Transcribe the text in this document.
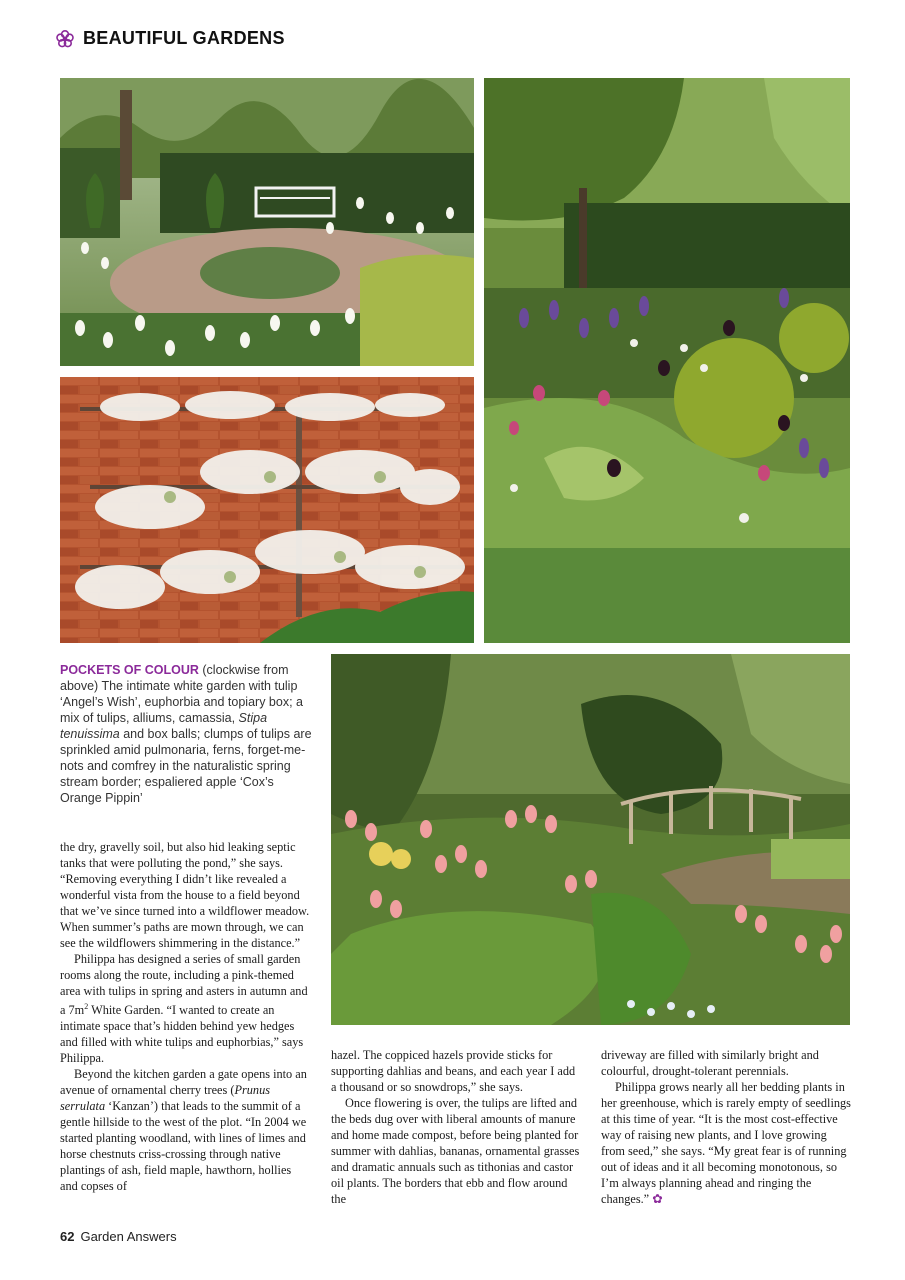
BEAUTIFUL GARDENS
POCKETS OF COLOUR (clockwise from above) The intimate white garden with tulip ‘Angel’s Wish’, euphorbia and topiary box; a mix of tulips, alliums, camassia, Stipa tenuissima and box balls; clumps of tulips are sprinkled amid pulmonaria, ferns, forget-me-nots and comfrey in the naturalistic spring stream border; espaliered apple ‘Cox’s Orange Pippin’

the dry, gravelly soil, but also hid leaking septic tanks that were polluting the pond,” she says. “Removing everything I didn’t like revealed a wonderful vista from the house to a field beyond that we’ve since turned into a wildflower meadow. When summer’s paths are mown through, we can see the wildflowers shimmering in the distance.”

Philippa has designed a series of small garden rooms along the route, including a pink-themed area with tulips in spring and asters in autumn and a $7m^2$ White Garden. “I wanted to create an intimate space that’s hidden behind yew hedges and filled with white tulips and euphorbias,” says Philippa.

Beyond the kitchen garden a gate opens into an avenue of ornamental cherry trees (Prunus serrulata ‘Kanzan’) that leads to the summit of a gentle hillside to the west of the plot. “In 2004 we started planting woodland, with lines of limes and horse chestnuts criss-crossing through native plantings of ash, field maple, hawthorn, hollies and copses of

hazel. The coppiced hazels provide sticks for supporting dahlias and beans, and each year I add a thousand or so snowdrops,” she says.

Once flowering is over, the tulips are lifted and the beds dug over with liberal amounts of manure and home made compost, before being planted for summer with dahlias, bananas, ornamental grasses and dramatic annuals such as tithonias and castor oil plants. The borders that ebb and flow around the

driveway are filled with similarly bright and colourful, drought-tolerant perennials.

Philippa grows nearly all her bedding plants in her greenhouse, which is rarely empty of seedlings at this time of year. “It is the most cost-effective way of raising new plants, and I love growing from seed,” she says. “My great fear is of running out of ideas and it all becoming monotonous, so I’m always planning ahead and ringing the changes.” ✿

62 Garden Answers
